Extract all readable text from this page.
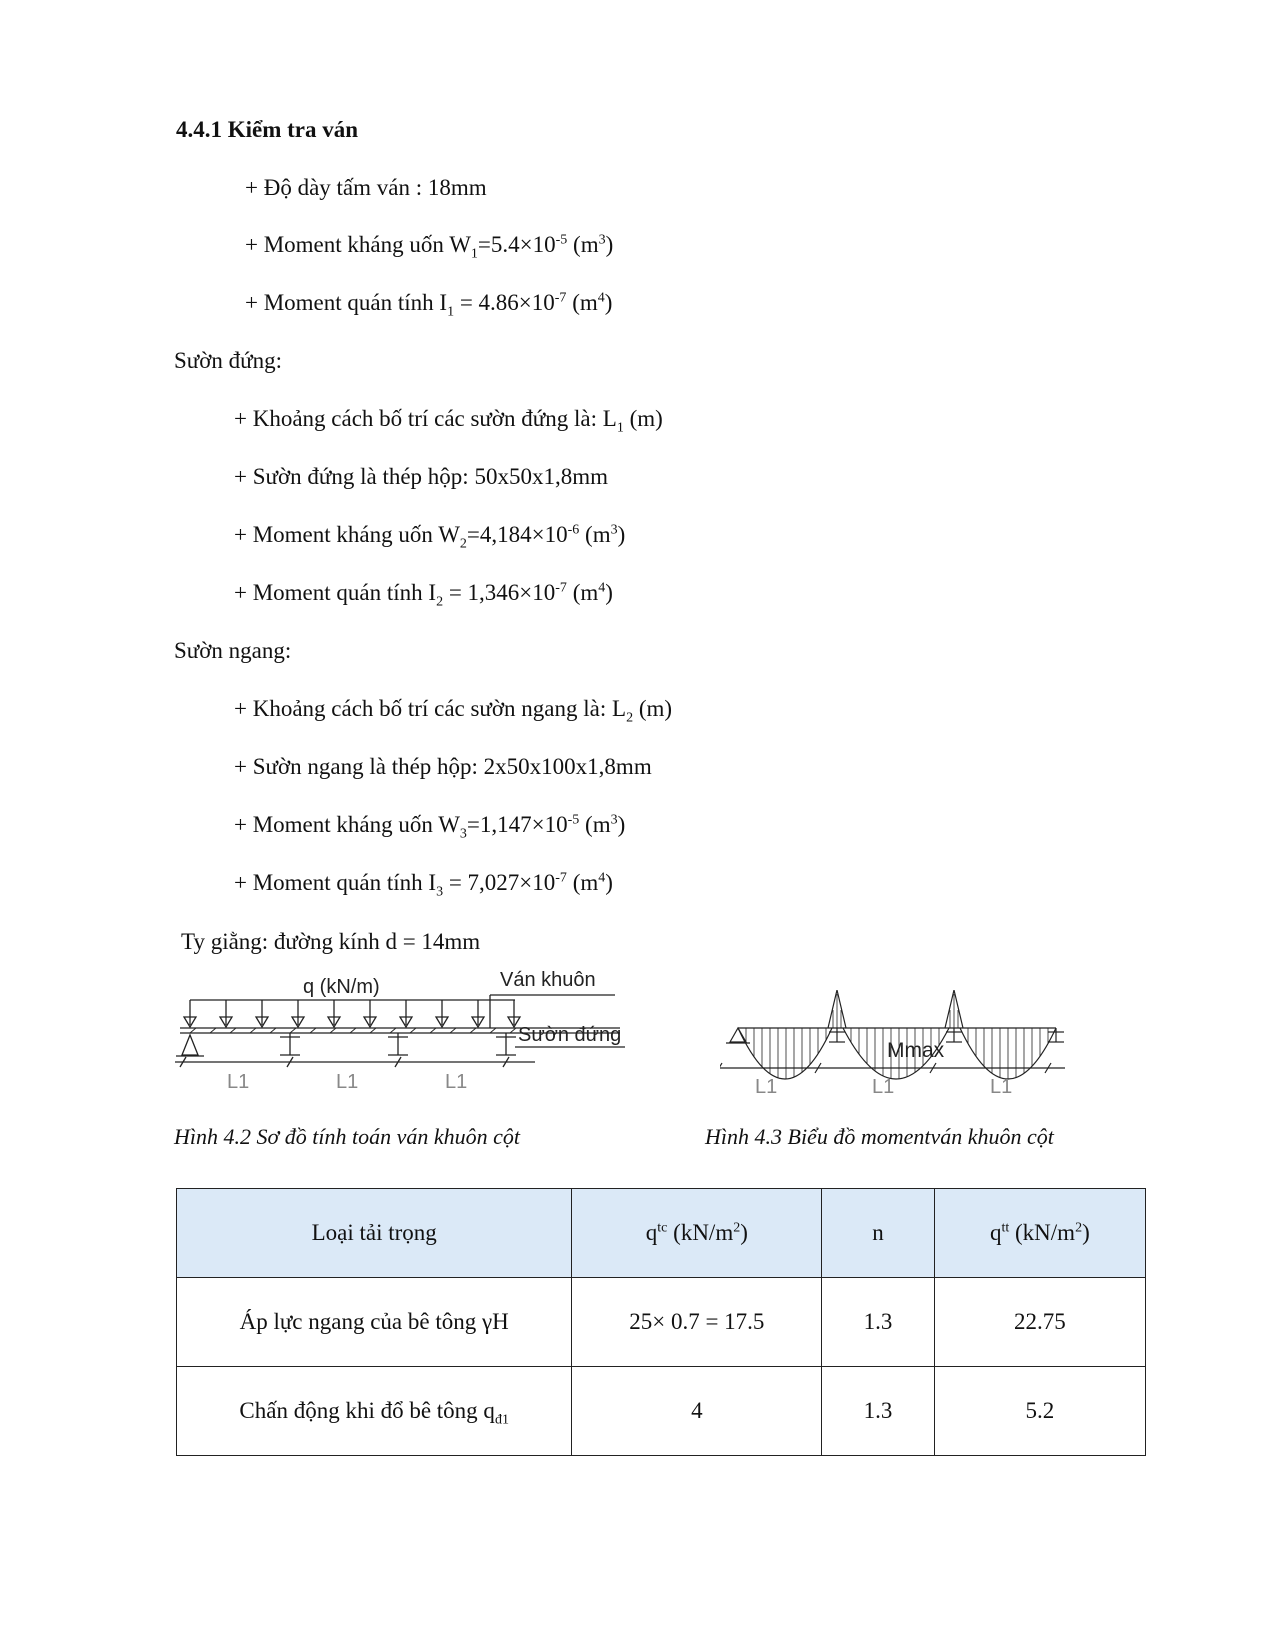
4.4.1 Kiểm tra ván
+ Độ dày tấm ván : 18mm
+ Moment kháng uốn $W_1=5.4\times 10^{-5}$ $(m^3)$
+ Moment quán tính $I_1 = 4.86\times 10^{-7}$ $(m^4)$
Sườn đứng:
+ Khoảng cách bố trí các sườn đứng là: $L_1$ (m)
+ Sườn đứng là thép hộp: 50x50x1,8mm
+ Moment kháng uốn $W_2=4,184\times 10^{-6}$ $(m^3)$
+ Moment quán tính $I_2 = 1,346\times 10^{-7}$ $(m^4)$
Sườn ngang:
+ Khoảng cách bố trí các sườn ngang là: $L_2$ (m)
+ Sườn ngang là thép hộp: 2x50x100x1,8mm
+ Moment kháng uốn $W_3=1,147\times 10^{-5}$ $(m^3)$
+ Moment quán tính $I_3 = 7,027\times 10^{-7}$ $(m^4)$
Ty giằng: đường kính d = 14mm
q (kN/m)	Ván khuôn
Sườn đứng
L1	L1	L1
Hình 4.2 Sơ đồ tính toán ván khuôn cột
Mmax
L1	L1	L1
Hình 4.3 Biểu đồ momentván khuôn cột
Loại tải trọng	$q^{tc}$ $(kN/m^2)$	n	$q^{tt}$ $(kN/m^2)$
Áp lực ngang của bê tông γH	25× 0.7 = 17.5	1.3	22.75
Chấn động khi đổ bê tông $q_{đ1}$	4	1.3	5.2
